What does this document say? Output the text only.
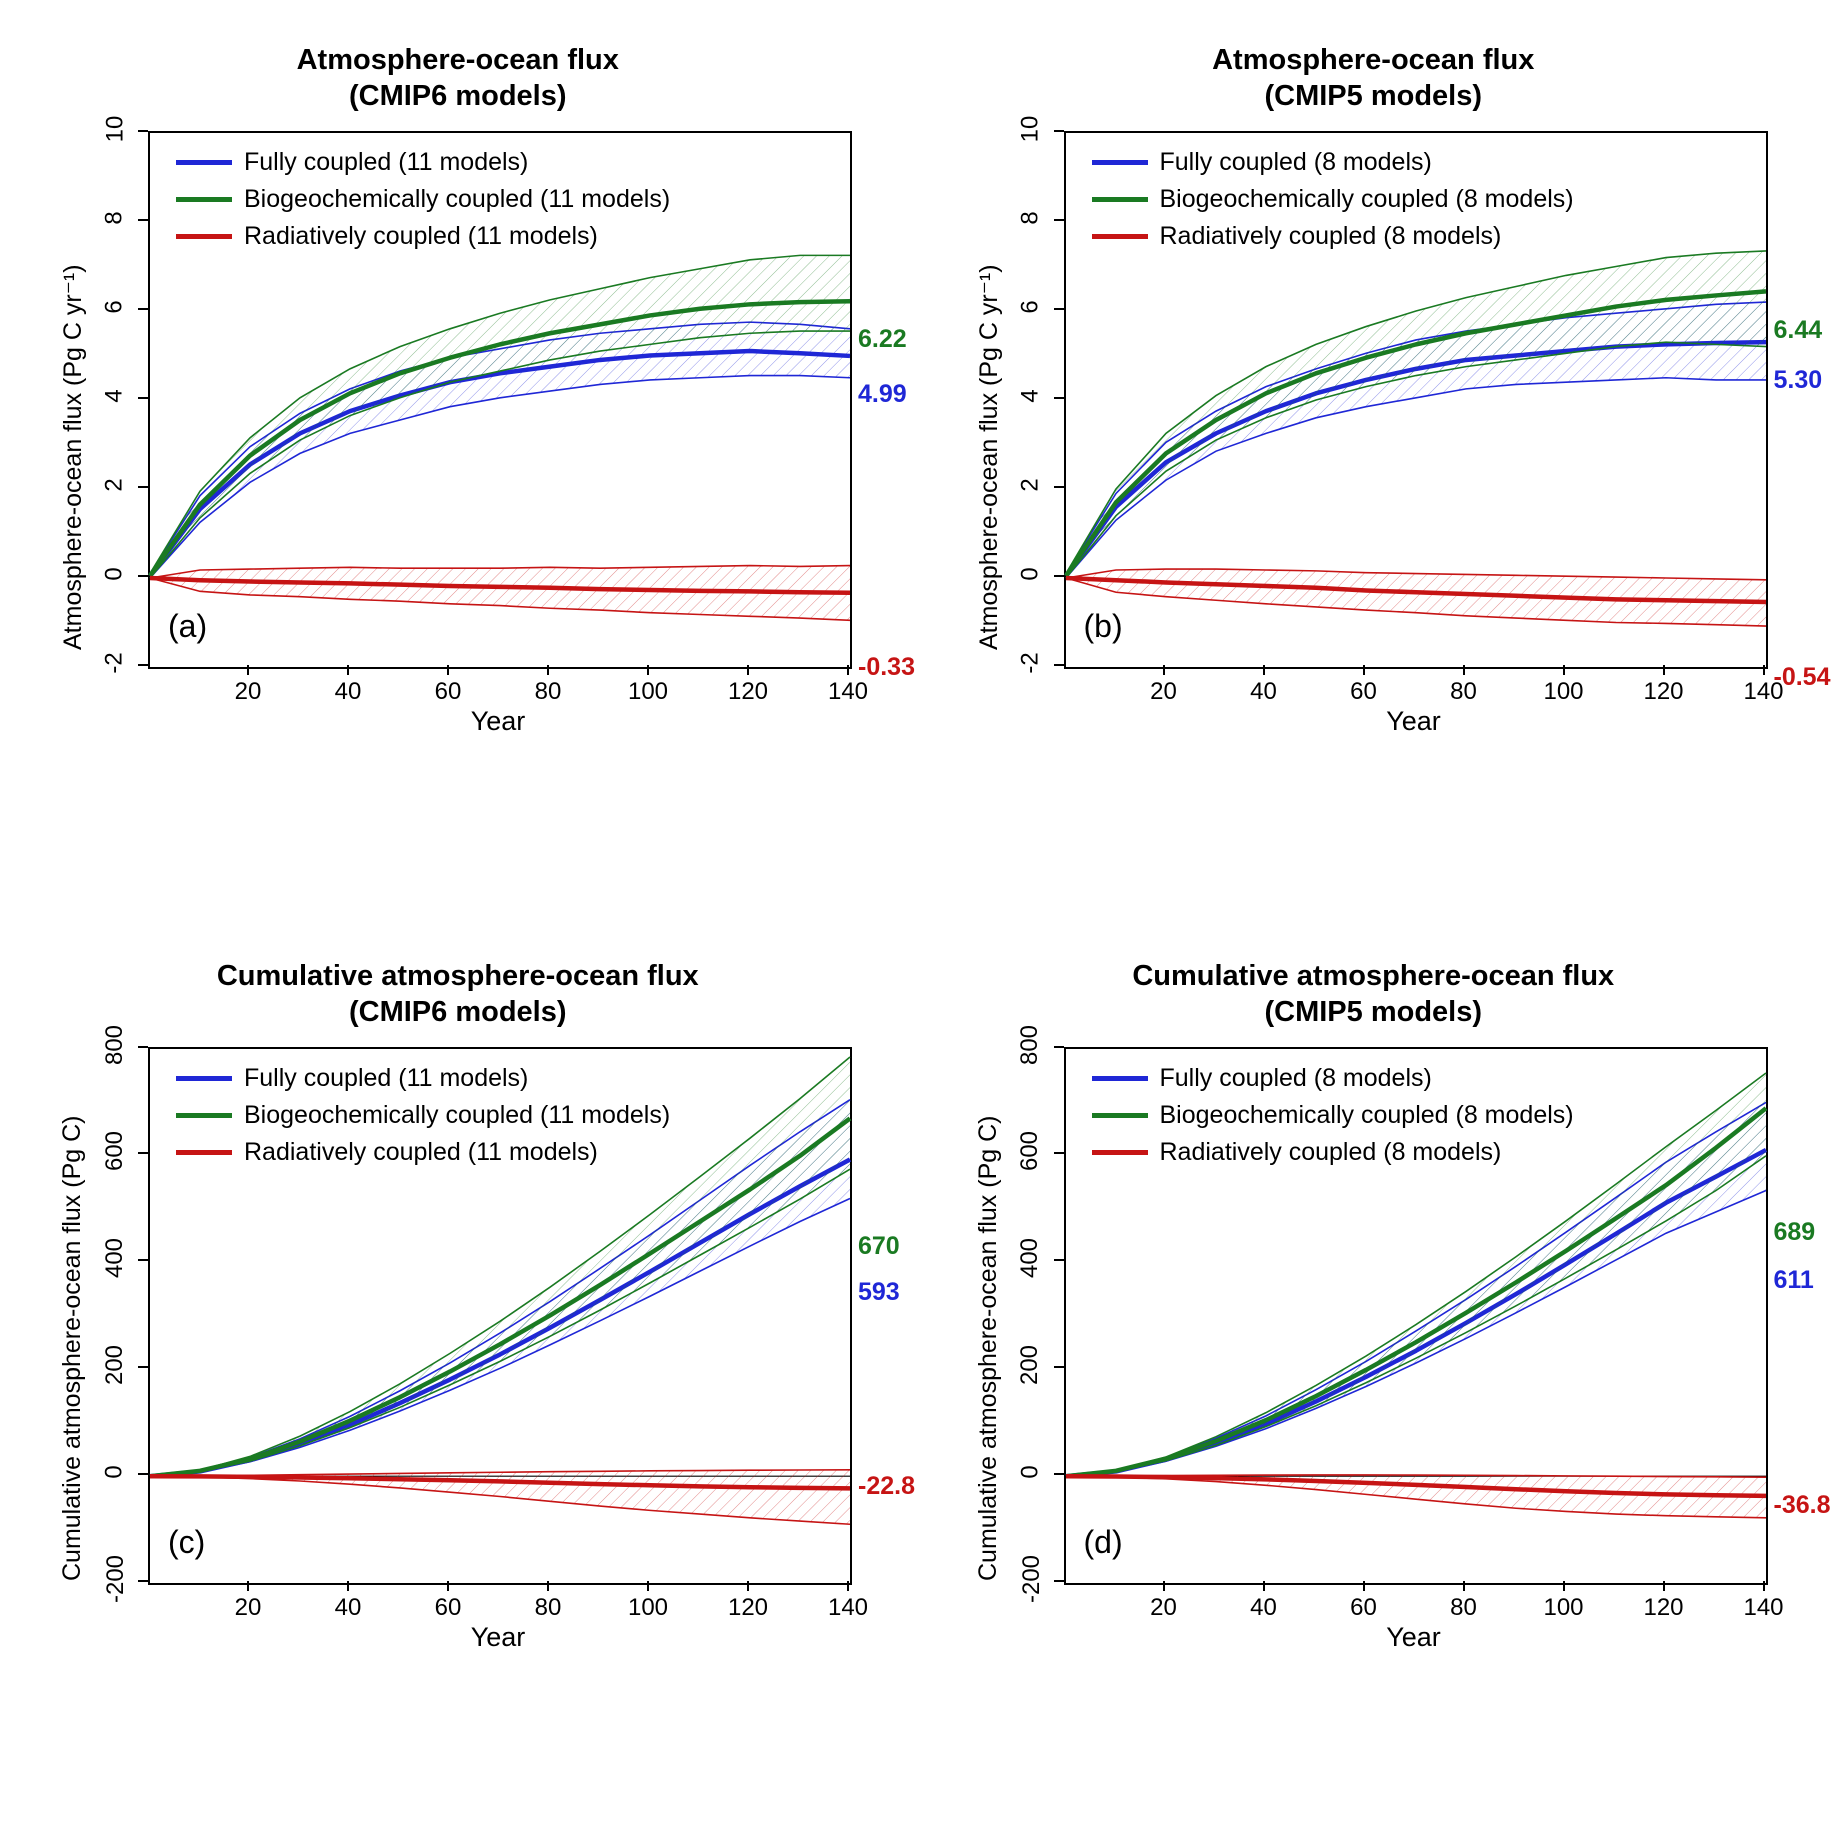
Atmosphere-ocean flux
(CMIP6 models)
Atmosphere-ocean flux (Pg C yr⁻¹)
Year
(a)
Fully coupled (11 models)
Biogeochemically coupled (11 models)
Radiatively coupled (11 models)
6.22
4.99
-0.33
10
8
6
4
2
0
-2
20	40	60	80	100	120	140
Atmosphere-ocean flux
(CMIP5 models)
Atmosphere-ocean flux (Pg C yr⁻¹)
Year
(b)
Fully coupled (8 models)
Biogeochemically coupled (8 models)
Radiatively coupled (8 models)
6.44
5.30
-0.54
10
8
6
4
2
0
-2
20	40	60	80	100	120	140
Cumulative atmosphere-ocean flux
(CMIP6 models)
Cumulative atmosphere-ocean flux (Pg C)
Year
(c)
Fully coupled (11 models)
Biogeochemically coupled (11 models)
Radiatively coupled (11 models)
670
593
-22.8
800
600
400
200
0
-200
20	40	60	80	100	120	140
Cumulative atmosphere-ocean flux
(CMIP5 models)
Cumulative atmosphere-ocean flux (Pg C)
Year
(d)
Fully coupled (8 models)
Biogeochemically coupled (8 models)
Radiatively coupled (8 models)
689
611
-36.8
800
600
400
200
0
-200
20	40	60	80	100	120	140
